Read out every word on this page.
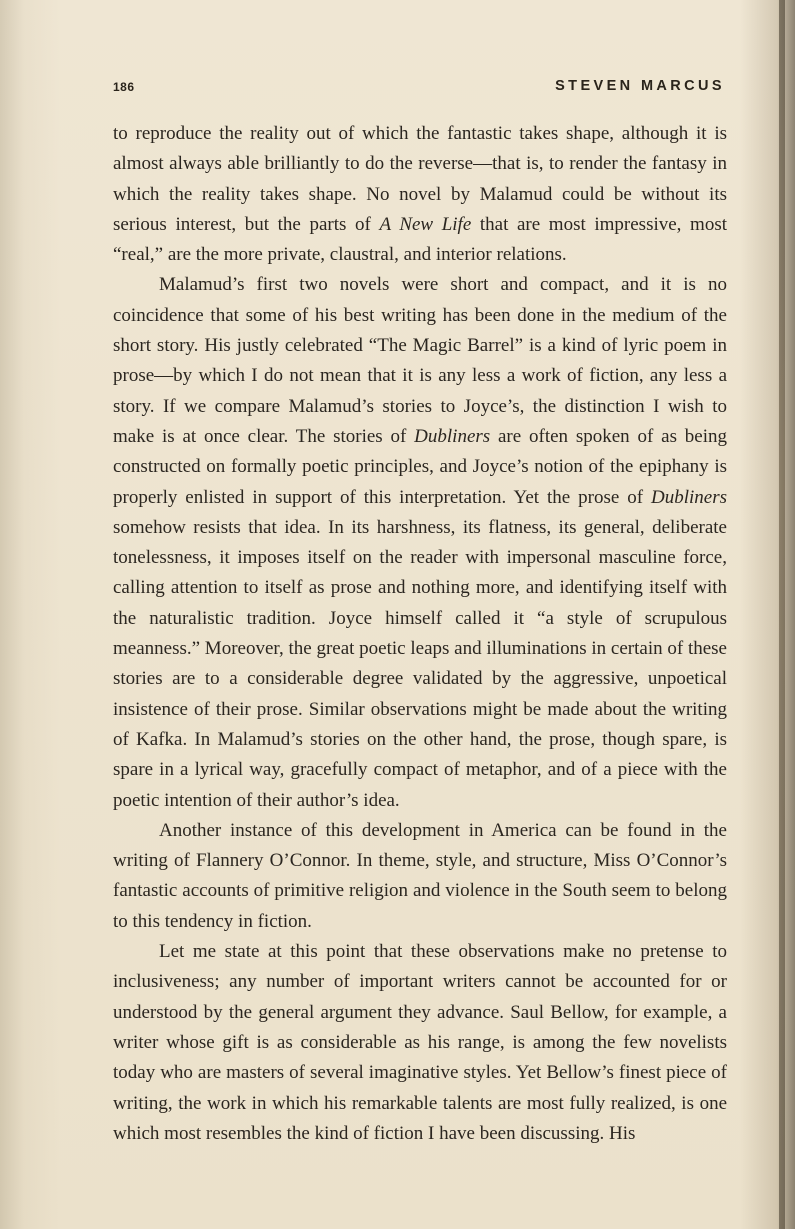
186	STEVEN MARCUS

to reproduce the reality out of which the fantastic takes shape, although it is almost always able brilliantly to do the reverse—that is, to render the fantasy in which the reality takes shape. No novel by Malamud could be without its serious interest, but the parts of A New Life that are most impressive, most “real,” are the more private, claustral, and interior relations.

Malamud’s first two novels were short and compact, and it is no coincidence that some of his best writing has been done in the medium of the short story. His justly celebrated “The Magic Barrel” is a kind of lyric poem in prose—by which I do not mean that it is any less a work of fiction, any less a story. If we compare Malamud’s stories to Joyce’s, the distinction I wish to make is at once clear. The stories of Dubliners are often spoken of as being constructed on formally poetic principles, and Joyce’s notion of the epiphany is properly enlisted in support of this interpretation. Yet the prose of Dubliners somehow resists that idea. In its harshness, its flatness, its general, deliberate tonelessness, it imposes itself on the reader with impersonal masculine force, calling attention to itself as prose and nothing more, and identifying itself with the naturalistic tradition. Joyce himself called it “a style of scrupulous meanness.” Moreover, the great poetic leaps and illuminations in certain of these stories are to a considerable degree validated by the aggressive, unpoetical insistence of their prose. Similar observations might be made about the writing of Kafka. In Malamud’s stories on the other hand, the prose, though spare, is spare in a lyrical way, gracefully compact of metaphor, and of a piece with the poetic intention of their author’s idea.

Another instance of this development in America can be found in the writing of Flannery O’Connor. In theme, style, and structure, Miss O’Connor’s fantastic accounts of primitive religion and violence in the South seem to belong to this tendency in fiction.

Let me state at this point that these observations make no pretense to inclusiveness; any number of important writers cannot be accounted for or understood by the general argument they advance. Saul Bellow, for example, a writer whose gift is as considerable as his range, is among the few novelists today who are masters of several imaginative styles. Yet Bellow’s finest piece of writing, the work in which his remarkable talents are most fully realized, is one which most resembles the kind of fiction I have been discussing. His
